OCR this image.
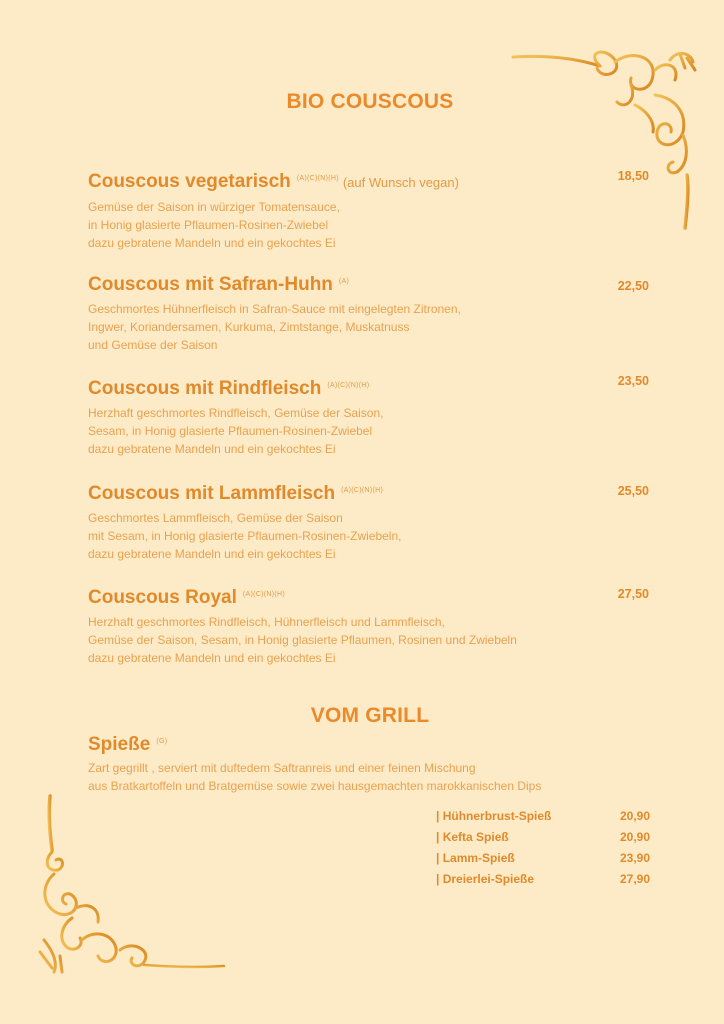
BIO COUSCOUS
Couscous vegetarisch $^{(A)(C)(N)(H)}$ (auf Wunsch vegan)
Gemüse der Saison in würziger Tomatensauce,
in Honig glasierte Pflaumen-Rosinen-Zwiebel
dazu gebratene Mandeln und ein gekochtes Ei
18,50
Couscous mit Safran-Huhn $^{(A)}$
Geschmortes Hühnerfleisch in Safran-Sauce mit eingelegten Zitronen,
Ingwer, Koriandersamen, Kurkuma, Zimtstange, Muskatnuss
und Gemüse der Saison
22,50
Couscous mit Rindfleisch $^{(A)(C)(N)(H)}$
Herzhaft geschmortes Rindfleisch, Gemüse der Saison,
Sesam, in Honig glasierte Pflaumen-Rosinen-Zwiebel
dazu gebratene Mandeln und ein gekochtes Ei
23,50
Couscous mit Lammfleisch $^{(A)(C)(N)(H)}$
Geschmortes Lammfleisch, Gemüse der Saison
mit Sesam, in Honig glasierte Pflaumen-Rosinen-Zwiebeln,
dazu gebratene Mandeln und ein gekochtes Ei
25,50
Couscous Royal $^{(A)(C)(N)(H)}$
Herzhaft geschmortes Rindfleisch, Hühnerfleisch und Lammfleisch,
Gemüse der Saison, Sesam, in Honig glasierte Pflaumen, Rosinen und Zwiebeln
dazu gebratene Mandeln und ein gekochtes Ei
27,50
VOM GRILL
Spieße $^{(G)}$
Zart gegrillt , serviert mit duftedem Saftranreis und einer feinen Mischung
aus Bratkartoffeln und Bratgemüse sowie zwei hausgemachten marokkanischen Dips
| Hühnerbrust-Spieß	20,90
| Kefta Spieß	20,90
| Lamm-Spieß	23,90
| Dreierlei-Spieße	27,90
